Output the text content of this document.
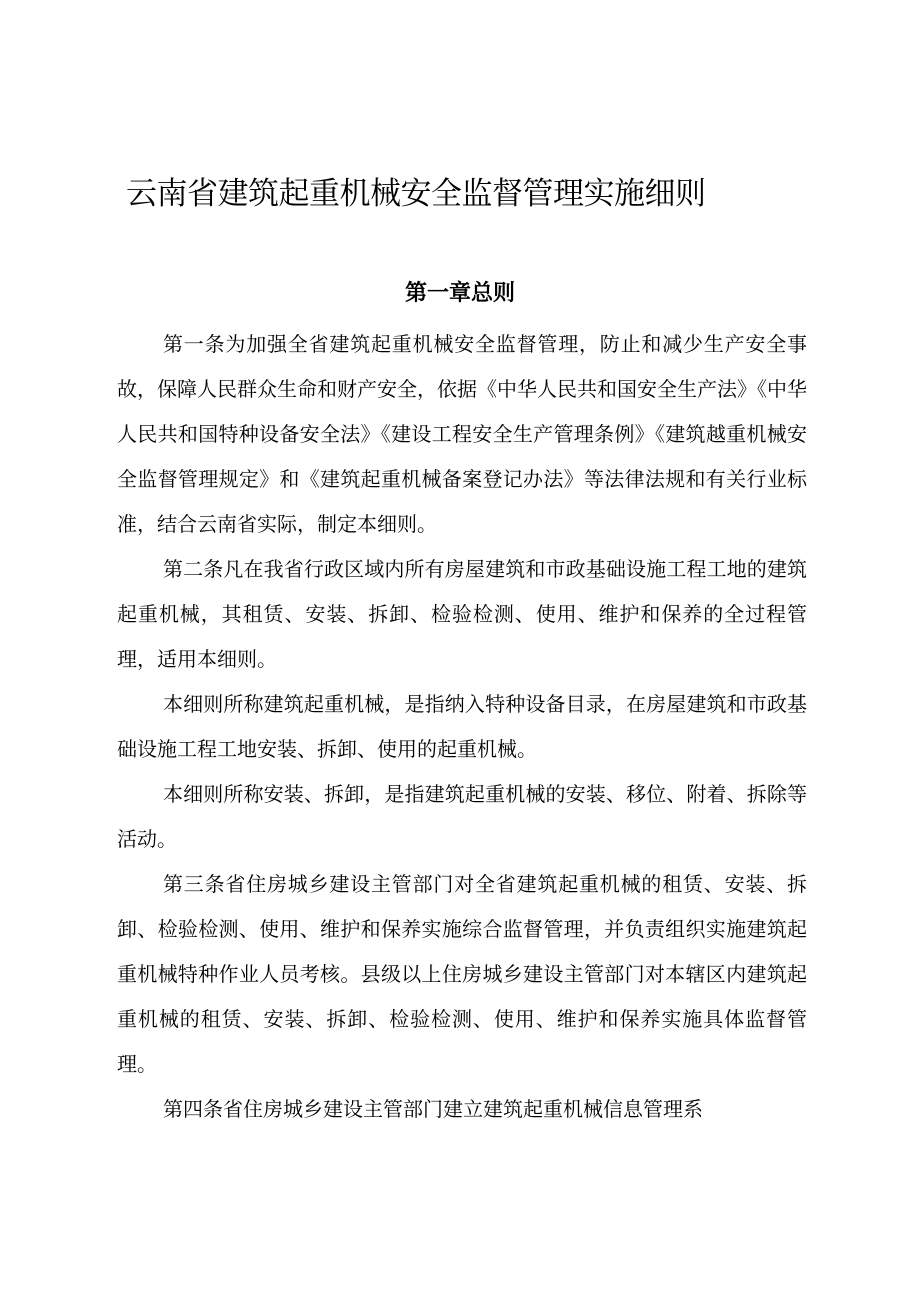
云南省建筑起重机械安全监督管理实施细则
第一章总则

第一条为加强全省建筑起重机械安全监督管理，防止和减少生产安全事故，保障人民群众生命和财产安全，依据《中华人民共和国安全生产法》《中华人民共和国特种设备安全法》《建设工程安全生产管理条例》《建筑越重机械安全监督管理规定》和《建筑起重机械备案登记办法》等法律法规和有关行业标准，结合云南省实际，制定本细则。

第二条凡在我省行政区域内所有房屋建筑和市政基础设施工程工地的建筑起重机械，其租赁、安装、拆卸、检验检测、使用、维护和保养的全过程管理，适用本细则。

本细则所称建筑起重机械，是指纳入特种设备目录，在房屋建筑和市政基础设施工程工地安装、拆卸、使用的起重机械。

本细则所称安装、拆卸，是指建筑起重机械的安装、移位、附着、拆除等活动。

第三条省住房城乡建设主管部门对全省建筑起重机械的租赁、安装、拆卸、检验检测、使用、维护和保养实施综合监督管理，并负责组织实施建筑起重机械特种作业人员考核。县级以上住房城乡建设主管部门对本辖区内建筑起重机械的租赁、安装、拆卸、检验检测、使用、维护和保养实施具体监督管理。

第四条省住房城乡建设主管部门建立建筑起重机械信息管理系
